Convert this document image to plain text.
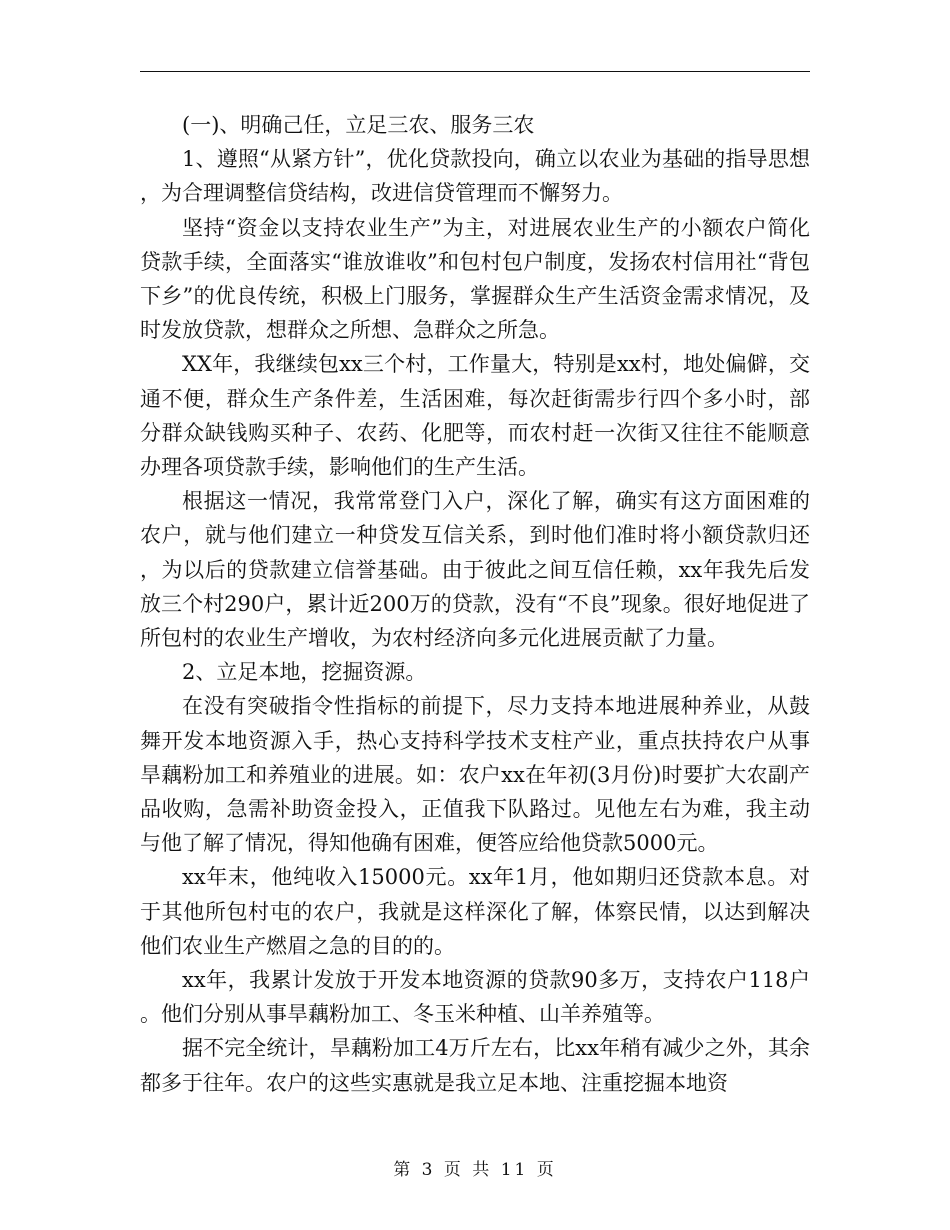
(一)、明确己任，立足三农、服务三农

1、遵照“从紧方针”，优化贷款投向，确立以农业为基础的指导思想，为合理调整信贷结构，改进信贷管理而不懈努力。

坚持“资金以支持农业生产”为主，对进展农业生产的小额农户简化贷款手续，全面落实“谁放谁收”和包村包户制度，发扬农村信用社“背包下乡”的优良传统，积极上门服务，掌握群众生产生活资金需求情况，及时发放贷款，想群众之所想、急群众之所急。

XX年，我继续包xx三个村，工作量大，特别是xx村，地处偏僻，交通不便，群众生产条件差，生活困难，每次赶街需步行四个多小时，部分群众缺钱购买种子、农药、化肥等，而农村赶一次街又往往不能顺意办理各项贷款手续，影响他们的生产生活。

根据这一情况，我常常登门入户，深化了解，确实有这方面困难的农户，就与他们建立一种贷发互信关系，到时他们准时将小额贷款归还，为以后的贷款建立信誉基础。由于彼此之间互信任赖，xx年我先后发放三个村290户，累计近200万的贷款，没有“不良”现象。很好地促进了所包村的农业生产增收，为农村经济向多元化进展贡献了力量。

2、立足本地，挖掘资源。

在没有突破指令性指标的前提下，尽力支持本地进展种养业，从鼓舞开发本地资源入手，热心支持科学技术支柱产业，重点扶持农户从事旱藕粉加工和养殖业的进展。如：农户xx在年初(3月份)时要扩大农副产品收购，急需补助资金投入，正值我下队路过。见他左右为难，我主动与他了解了情况，得知他确有困难，便答应给他贷款5000元。

xx年末，他纯收入15000元。xx年1月，他如期归还贷款本息。对于其他所包村屯的农户，我就是这样深化了解，体察民情，以达到解决他们农业生产燃眉之急的目的的。

xx年，我累计发放于开发本地资源的贷款90多万，支持农户118户。他们分别从事旱藕粉加工、冬玉米种植、山羊养殖等。

据不完全统计，旱藕粉加工4万斤左右，比xx年稍有减少之外，其余都多于往年。农户的这些实惠就是我立足本地、注重挖掘本地资

第 3 页 共 11 页
